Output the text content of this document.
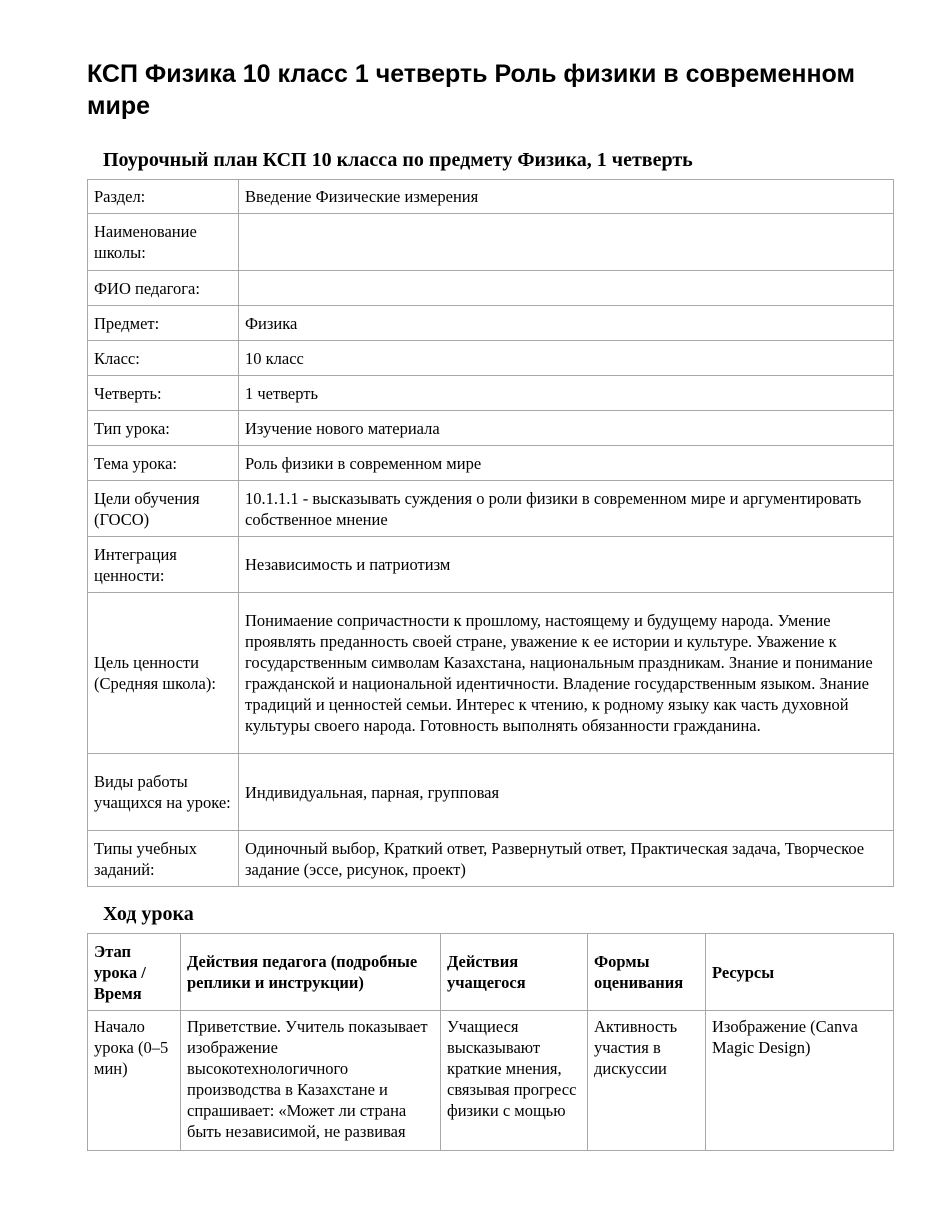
КСП Физика 10 класс 1 четверть Роль физики в современном мире
Поурочный план КСП 10 класса по предмету Физика, 1 четверть
Раздел:	Введение Физические измерения
Наименование школы:	
ФИО педагога:	
Предмет:	Физика
Класс:	10 класс
Четверть:	1 четверть
Тип урока:	Изучение нового материала
Тема урока:	Роль физики в современном мире
Цели обучения (ГОСО)	10.1.1.1 - высказывать суждения о роли физики в современном мире и аргументировать собственное мнение
Интеграция ценности:	Независимость и патриотизм
Цель ценности (Средняя школа):	Понимаение сопричастности к прошлому, настоящему и будущему народа. Умение проявлять преданность своей стране, уважение к ее истории и культуре. Уважение к государственным символам Казахстана, национальным праздникам. Знание и понимание гражданской и национальной идентичности. Владение государственным языком. Знание традиций и ценностей семьи. Интерес к чтению, к родному языку как часть духовной культуры своего народа. Готовность выполнять обязанности гражданина.
Виды работы учащихся на уроке:	Индивидуальная, парная, групповая
Типы учебных заданий:	Одиночный выбор, Краткий ответ, Развернутый ответ, Практическая задача, Творческое задание (эссе, рисунок, проект)
Ход урока
Этап урока / Время	Действия педагога (подробные реплики и инструкции)	Действия учащегося	Формы оценивания	Ресурсы

Начало урока (0–5 мин)	Приветствие. Учитель показывает изображение высокотехнологичного производства в Казахстане и спрашивает: «Может ли страна быть независимой, не развивая	Учащиеся высказывают краткие мнения, связывая прогресс физики с мощью	Активность участия в дискуссии	Изображение (Canva Magic Design)
